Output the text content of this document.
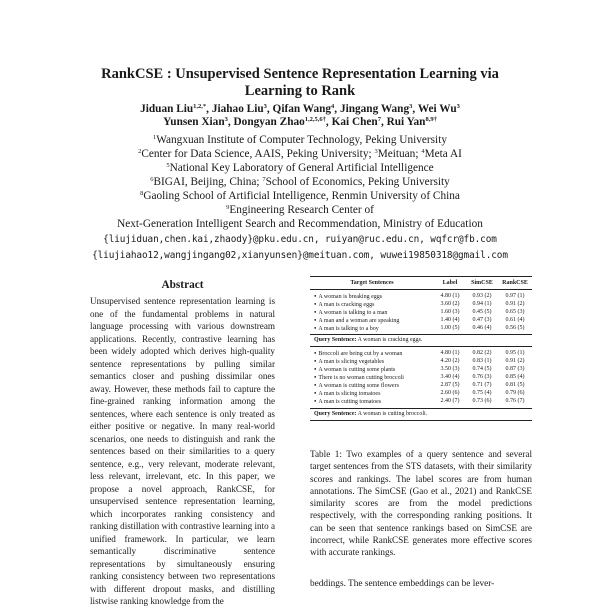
RankCSE : Unsupervised Sentence Representation Learning via
Learning to Rank
Jiduan Liu$^{1,2,*}$, Jiahao Liu$^3$, Qifan Wang$^4$, Jingang Wang$^3$, Wei Wu$^3$
Yunsen Xian$^3$, Dongyan Zhao$^{1,2,5,6\dagger}$, Kai Chen$^7$, Rui Yan$^{8,9\dagger}$
$^1$Wangxuan Institute of Computer Technology, Peking University
$^2$Center for Data Science, AAIS, Peking University; $^3$Meituan; $^4$Meta AI
$^5$National Key Laboratory of General Artificial Intelligence
$^6$BIGAI, Beijing, China; $^7$School of Economics, Peking University
$^8$Gaoling School of Artificial Intelligence, Renmin University of China
$^9$Engineering Research Center of
Next-Generation Intelligent Search and Recommendation, Ministry of Education
{liujiduan,chen.kai,zhaody}@pku.edu.cn, ruiyan@ruc.edu.cn, wqfcr@fb.com
{liujiahao12,wangjingang02,xianyunsen}@meituan.com, wuwei19850318@gmail.com
Abstract
Unsupervised sentence representation learning is one of the fundamental problems in natural language processing with various downstream applications. Recently, contrastive learning has been widely adopted which derives high-quality sentence representations by pulling similar semantics closer and pushing dissimilar ones away. However, these methods fail to capture the fine-grained ranking information among the sentences, where each sentence is only treated as either positive or negative. In many real-world scenarios, one needs to distinguish and rank the sentences based on their similarities to a query sentence, e.g., very relevant, moderate relevant, less relevant, irrelevant, etc. In this paper, we propose a novel approach, RankCSE, for unsupervised sentence representation learning, which incorporates ranking consistency and ranking distillation with contrastive learning into a unified framework. In particular, we learn semantically discriminative sentence representations by simultaneously ensuring ranking consistency between two representations with different dropout masks, and distilling listwise ranking knowledge from the
Target Sentences	Label	SimCSE	RankCSE
● A woman is breaking eggs	4.80 (1)	0.93 (2)	0.97 (1)
● A man is cracking eggs	3.60 (2)	0.94 (1)	0.91 (2)
● A woman is talking to a man	1.60 (3)	0.45 (5)	0.65 (3)
● A man and a woman are speaking	1.40 (4)	0.47 (3)	0.61 (4)
● A man is talking to a boy	1.00 (5)	0.46 (4)	0.56 (5)
Query Sentence: A woman is cracking eggs.
● Broccoli are being cut by a woman	4.80 (1)	0.82 (2)	0.95 (1)
● A man is slicing vegetables	4.20 (2)	0.83 (1)	0.91 (2)
● A woman is cutting some plants	3.50 (3)	0.74 (5)	0.87 (3)
● There is no woman cutting broccoli	3.40 (4)	0.76 (3)	0.85 (4)
● A woman is cutting some flowers	2.87 (5)	0.71 (7)	0.81 (5)
● A man is slicing tomatoes	2.60 (6)	0.75 (4)	0.79 (6)
● A man is cutting tomatoes	2.40 (7)	0.73 (6)	0.76 (7)
Query Sentence: A woman is cutting broccoli.
Table 1: Two examples of a query sentence and several target sentences from the STS datasets, with their similarity scores and rankings. The label scores are from human annotations. The SimCSE (Gao et al., 2021) and RankCSE similarity scores are from the model predictions respectively, with the corresponding ranking positions. It can be seen that sentence rankings based on SimCSE are incorrect, while RankCSE generates more effective scores with accurate rankings.
beddings. The sentence embeddings can be lever-
